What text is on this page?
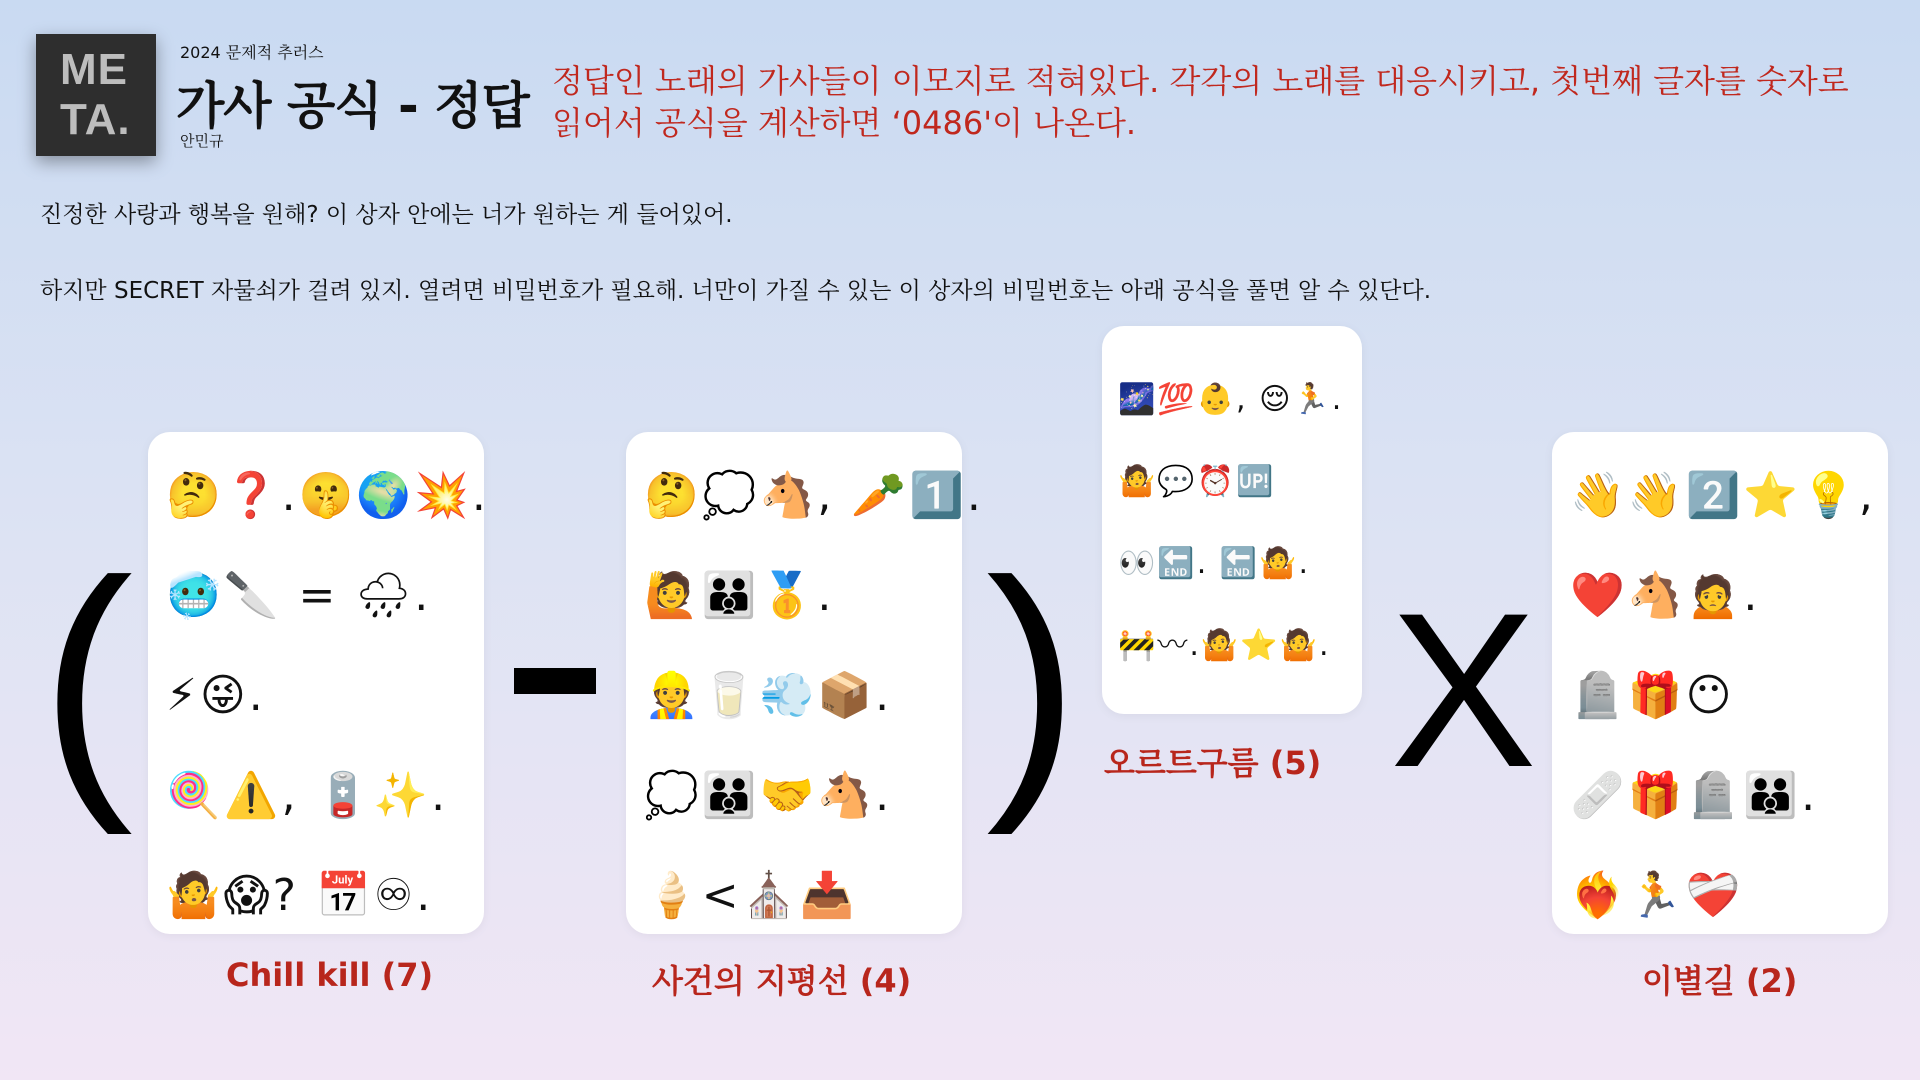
ME
TA.
2024 문제적 추러스
가사 공식 - 정답
안민규
정답인 노래의 가사들이 이모지로 적혀있다. 각각의 노래를 대응시키고, 첫번째 글자를 숫자로
읽어서 공식을 계산하면 ‘0486'이 나온다.
진정한 사랑과 행복을 원해? 이 상자 안에는 너가 원하는 게 들어있어.
하지만 SECRET 자물쇠가 걸려 있지. 열려면 비밀번호가 필요해. 너만이 가질 수 있는 이 상자의 비밀번호는 아래 공식을 풀면 알 수 있단다.
(	) X
🤔❓.🤫🌍💥.
🥶🔪 = 🌧.
⚡😜.
🍭⚠️, 🪫✨.
🤷😱? 📅♾.
Chill kill (7)
🤔💭🐴, 🥕1️⃣.
🙋👪🥇.
👷🥛💨📦.
💭👪🤝🐴.
🍦<⛪📥
사건의 지평선 (4)
🌌💯👶, 😌🏃.
🤷💬⏰🆙
👀🔚. 🔚🤷.
🚧〰.🤷⭐🤷.
오르트구름 (5)
👋👋2️⃣⭐💡,
❤️🐴🙍.
🪦🎁😶
🩹🎁🪦👪.
❤️‍🔥🏃❤️‍🩹
이별길 (2)
